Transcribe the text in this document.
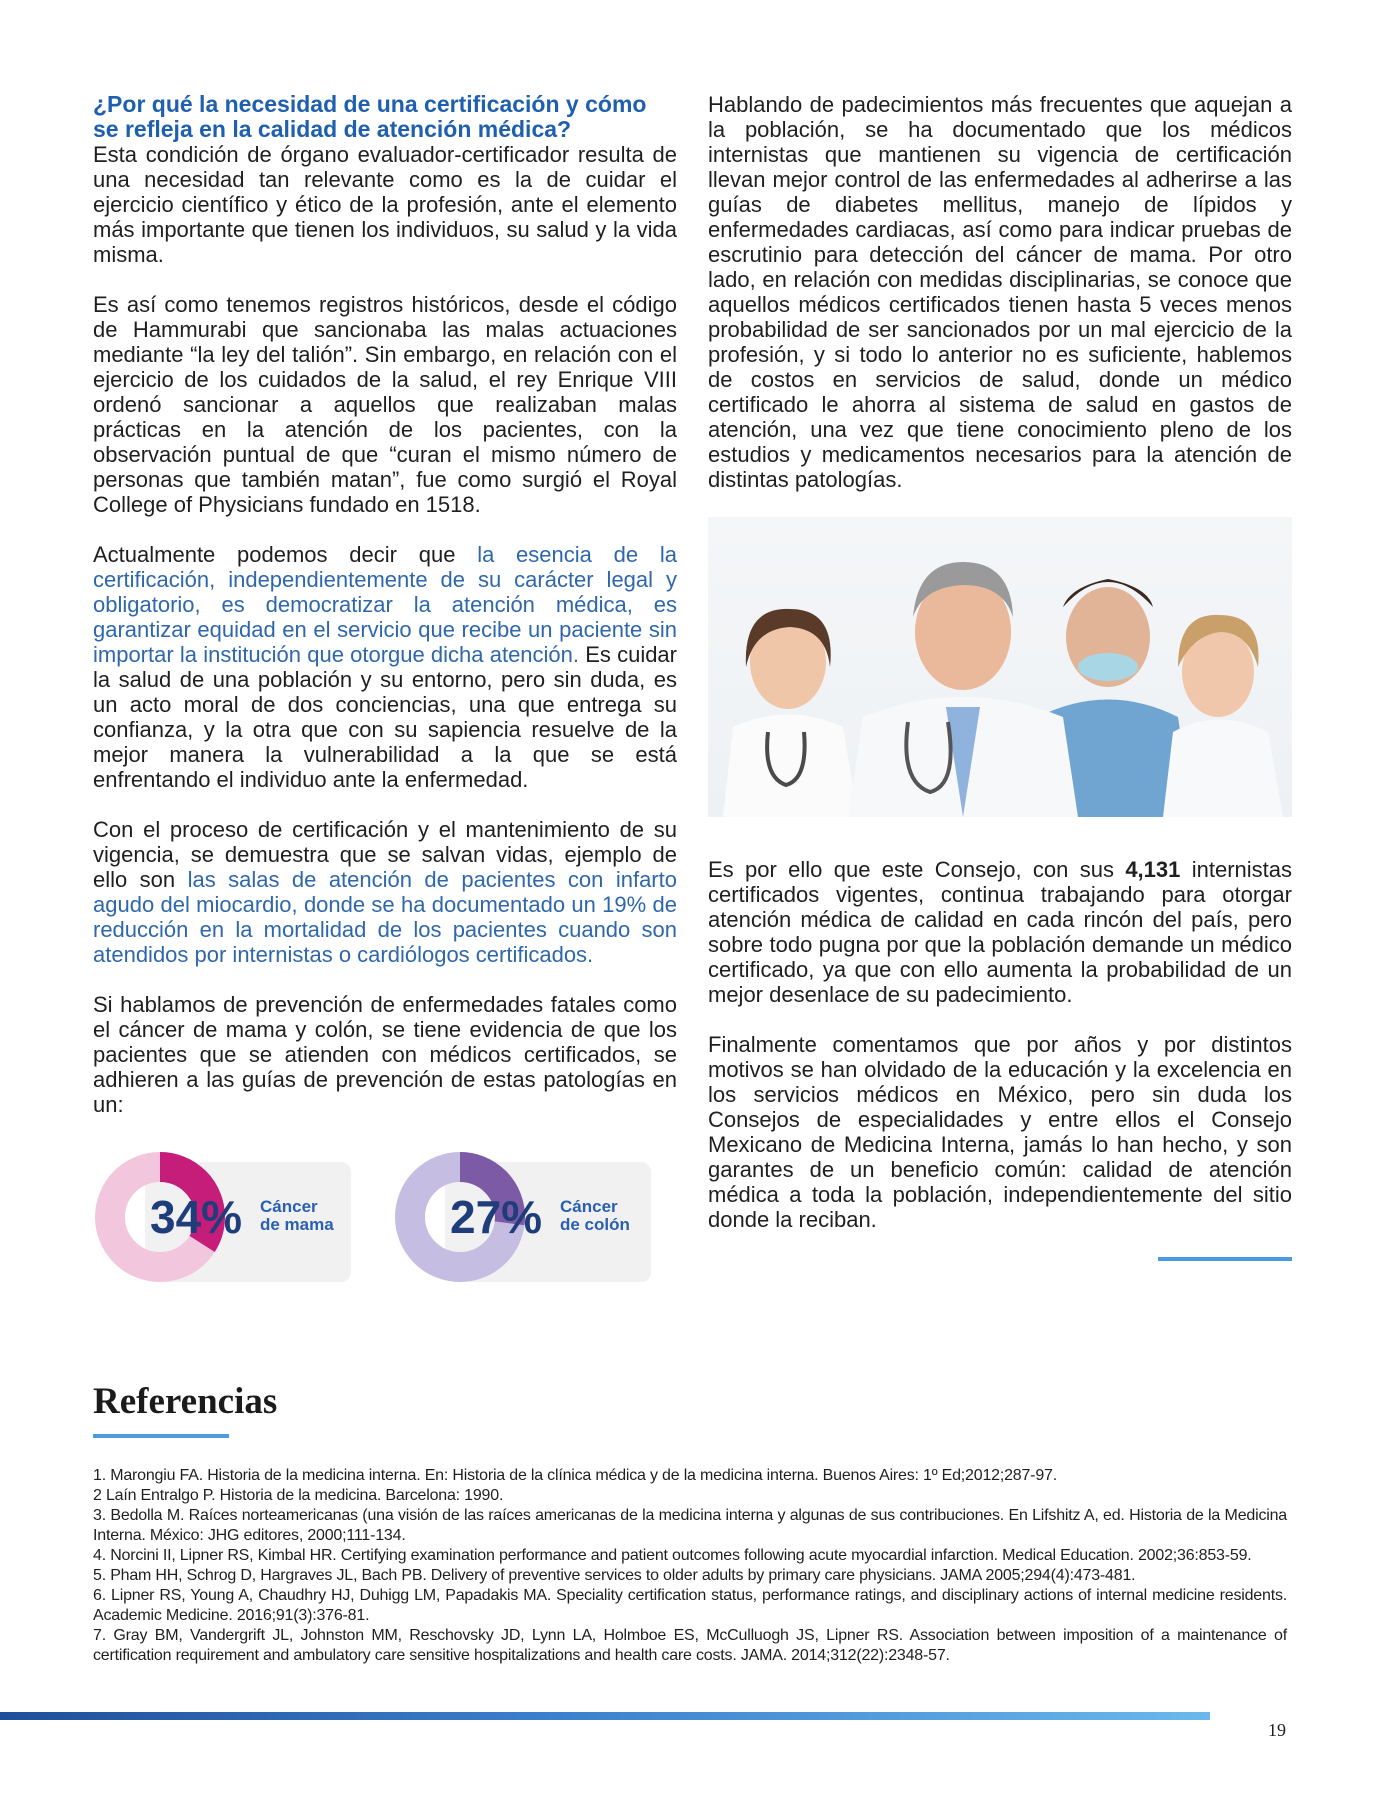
¿Por qué la necesidad de una certificación y cómo se refleja en la calidad de atención médica?

Esta condición de órgano evaluador-certificador resulta de una necesidad tan relevante como es la de cuidar el ejercicio científico y ético de la profesión, ante el elemento más importante que tienen los individuos, su salud y la vida misma.

Es así como tenemos registros históricos, desde el código de Hammurabi que sancionaba las malas actuaciones mediante “la ley del talión”. Sin embargo, en relación con el ejercicio de los cuidados de la salud, el rey Enrique VIII ordenó sancionar a aquellos que realizaban malas prácticas en la atención de los pacientes, con la observación puntual de que “curan el mismo número de personas que también matan”, fue como surgió el Royal College of Physicians fundado en 1518.

Actualmente podemos decir que la esencia de la certificación, independientemente de su carácter legal y obligatorio, es democratizar la atención médica, es garantizar equidad en el servicio que recibe un paciente sin importar la institución que otorgue dicha atención. Es cuidar la salud de una población y su entorno, pero sin duda, es un acto moral de dos conciencias, una que entrega su confianza, y la otra que con su sapiencia resuelve de la mejor manera la vulnerabilidad a la que se está enfrentando el individuo ante la enfermedad.

Con el proceso de certificación y el mantenimiento de su vigencia, se demuestra que se salvan vidas, ejemplo de ello son las salas de atención de pacientes con infarto agudo del miocardio, donde se ha documentado un 19% de reducción en la mortalidad de los pacientes cuando son atendidos por internistas o cardiólogos certificados.

Si hablamos de prevención de enfermedades fatales como el cáncer de mama y colón, se tiene evidencia de que los pacientes que se atienden con médicos certificados, se adhieren a las guías de prevención de estas patologías en un:

34% Cáncer
de mama	27% Cáncer
de colón

Hablando de padecimientos más frecuentes que aquejan a la población, se ha documentado que los médicos internistas que mantienen su vigencia de certificación llevan mejor control de las enfermedades al adherirse a las guías de diabetes mellitus, manejo de lípidos y enfermedades cardiacas, así como para indicar pruebas de escrutinio para detección del cáncer de mama. Por otro lado, en relación con medidas disciplinarias, se conoce que aquellos médicos certificados tienen hasta 5 veces menos probabilidad de ser sancionados por un mal ejercicio de la profesión, y si todo lo anterior no es suficiente, hablemos de costos en servicios de salud, donde un médico certificado le ahorra al sistema de salud en gastos de atención, una vez que tiene conocimiento pleno de los estudios y medicamentos necesarios para la atención de distintas patologías.

Es por ello que este Consejo, con sus 4,131 internistas certificados vigentes, continua trabajando para otorgar atención médica de calidad en cada rincón del país, pero sobre todo pugna por que la población demande un médico certificado, ya que con ello aumenta la probabilidad de un mejor desenlace de su padecimiento.

Finalmente comentamos que por años y por distintos motivos se han olvidado de la educación y la excelencia en los servicios médicos en México, pero sin duda los Consejos de especialidades y entre ellos el Consejo Mexicano de Medicina Interna, jamás lo han hecho, y son garantes de un beneficio común: calidad de atención médica a toda la población, independientemente del sitio donde la reciban.

Referencias

1. Marongiu FA. Historia de la medicina interna. En: Historia de la clínica médica y de la medicina interna. Buenos Aires: 1º Ed;2012;287-97.

2 Laín Entralgo P. Historia de la medicina. Barcelona: 1990.

3. Bedolla M. Raíces norteamericanas (una visión de las raíces americanas de la medicina interna y algunas de sus contribuciones. En Lifshitz A, ed. Historia de la Medicina Interna. México: JHG editores, 2000;111-134.

4. Norcini II, Lipner RS, Kimbal HR. Certifying examination performance and patient outcomes following acute myocardial infarction. Medical Education. 2002;36:853-59.

5. Pham HH, Schrog D, Hargraves JL, Bach PB. Delivery of preventive services to older adults by primary care physicians. JAMA 2005;294(4):473-481.

6. Lipner RS, Young A, Chaudhry HJ, Duhigg LM, Papadakis MA. Speciality certification status, performance ratings, and disciplinary actions of internal medicine residents. Academic Medicine. 2016;91(3):376-81.

7. Gray BM, Vandergrift JL, Johnston MM, Reschovsky JD, Lynn LA, Holmboe ES, McCulluogh JS, Lipner RS. Association between imposition of a maintenance of certification requirement and ambulatory care sensitive hospitalizations and health care costs. JAMA. 2014;312(22):2348-57.

19
